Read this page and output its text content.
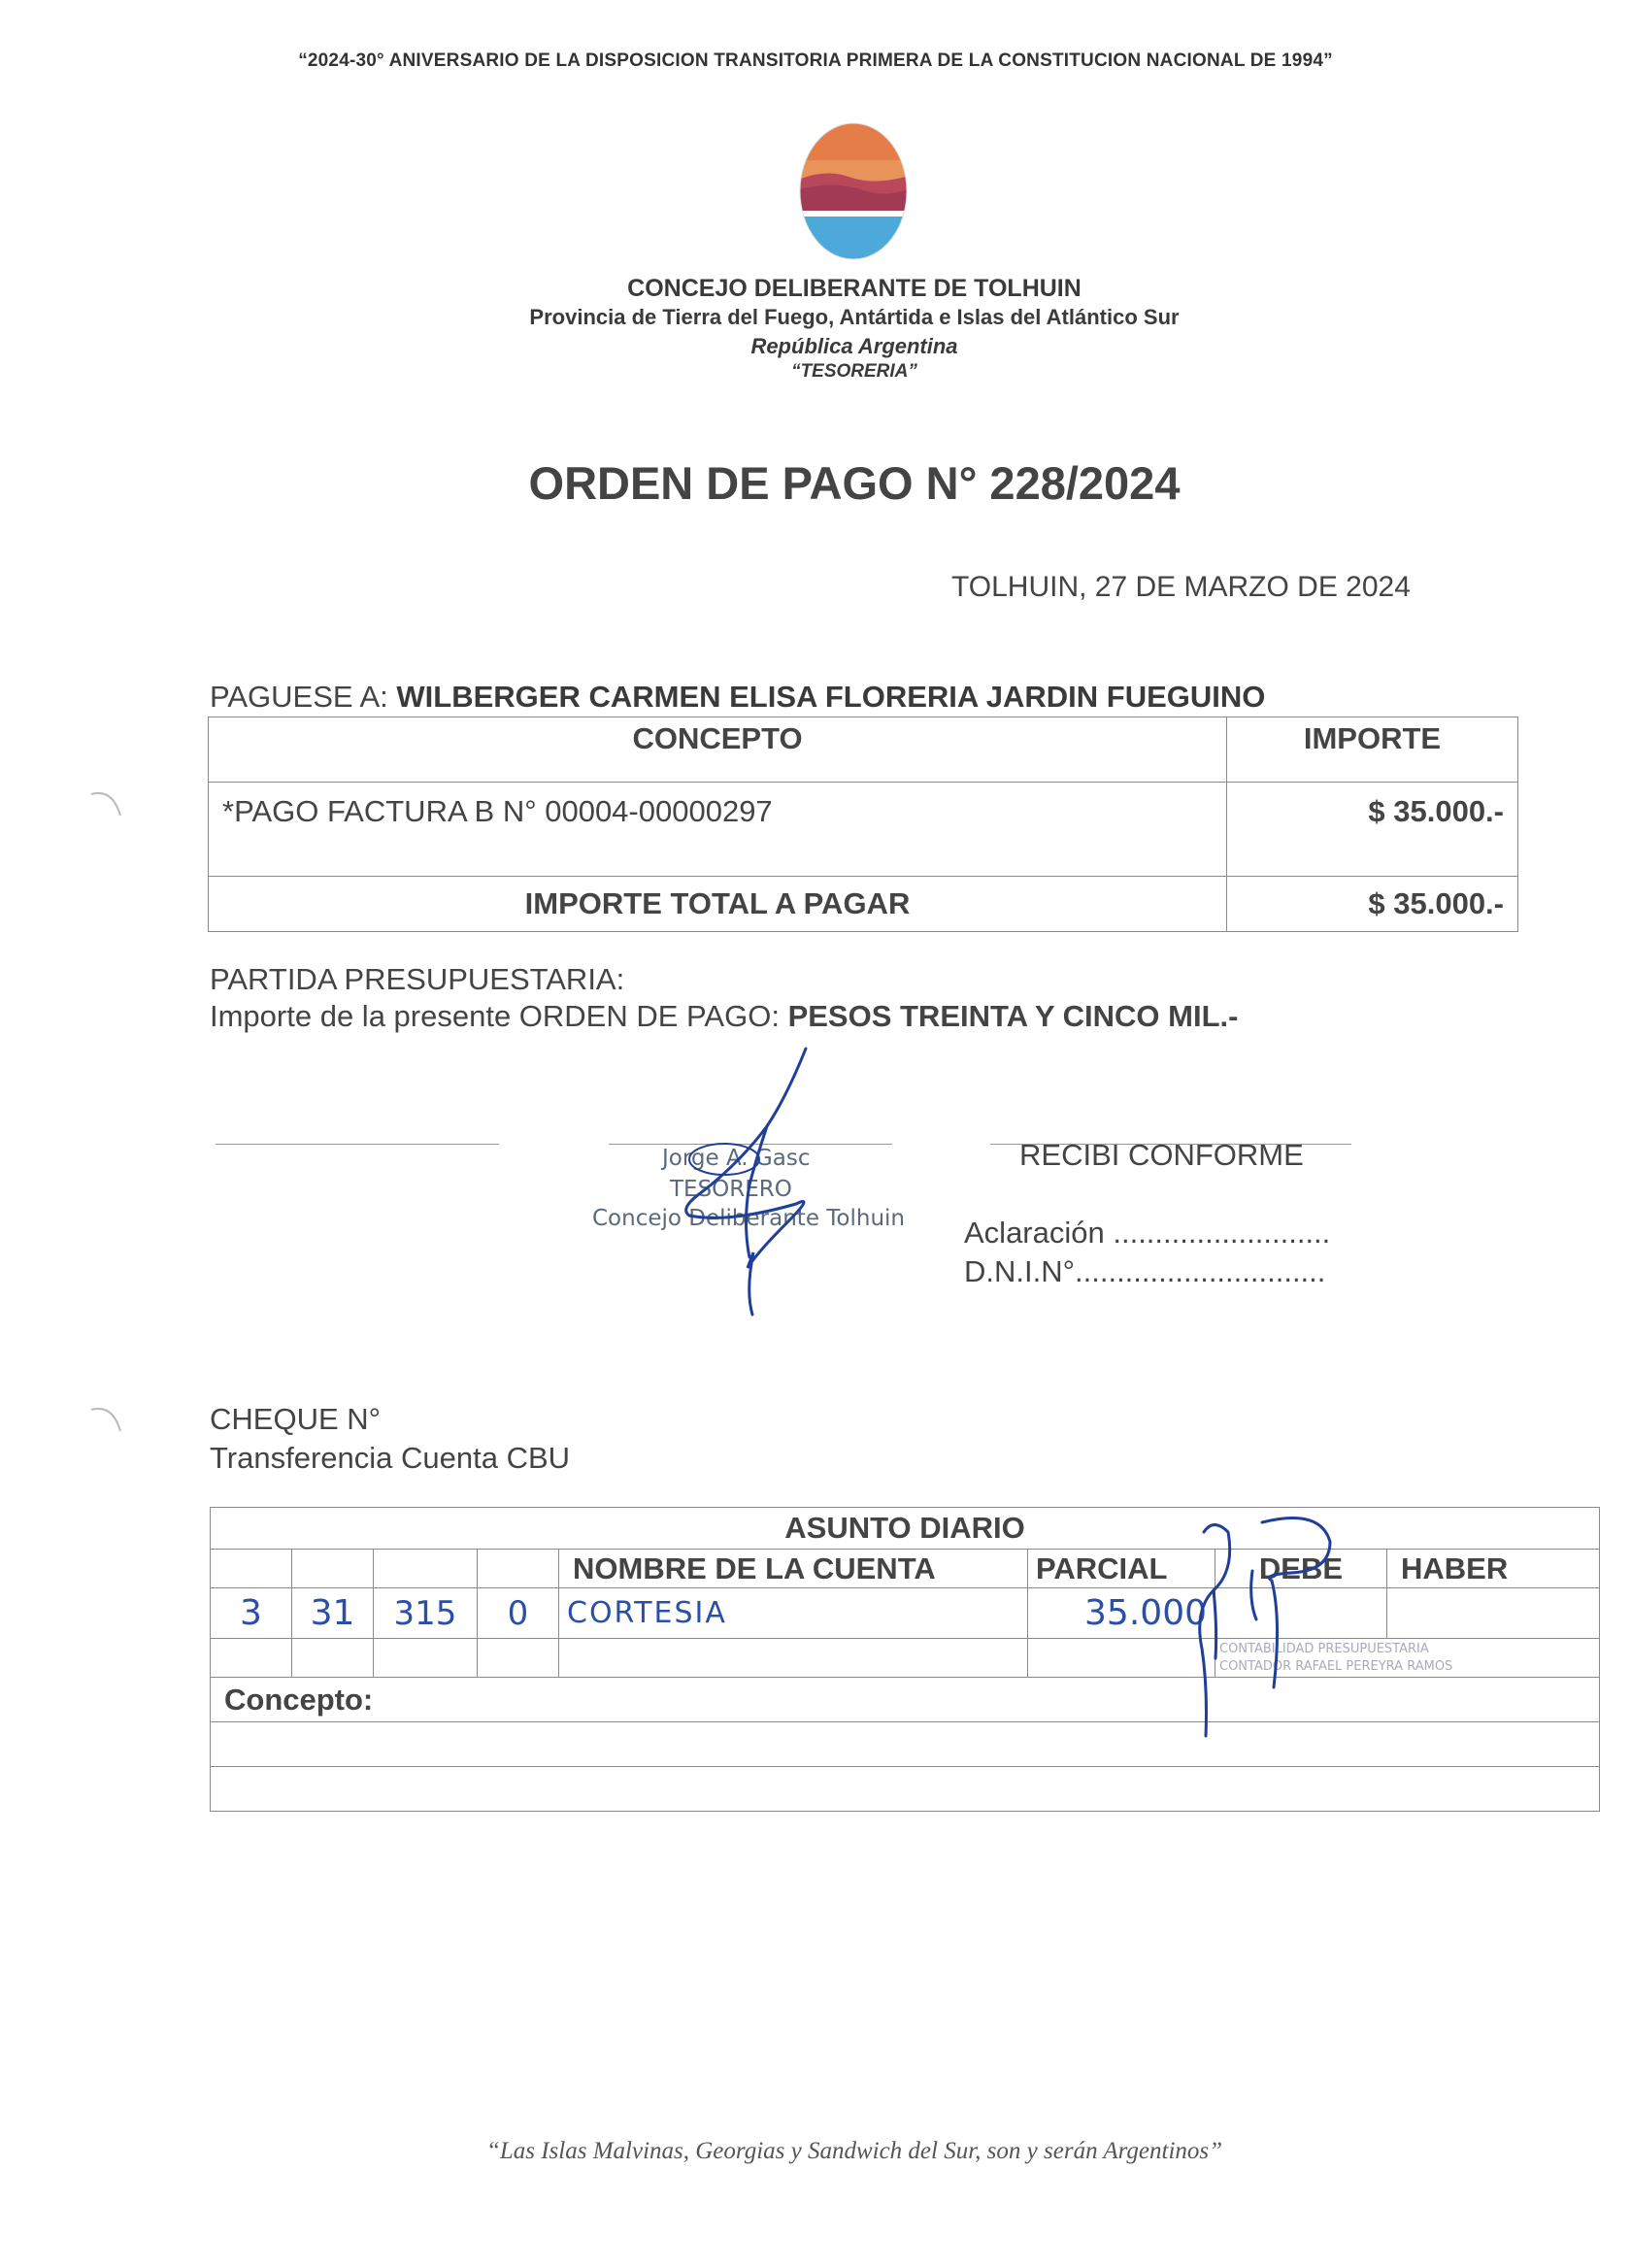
“2024-30° ANIVERSARIO DE LA DISPOSICION TRANSITORIA PRIMERA DE LA CONSTITUCION NACIONAL DE 1994”
CONCEJO DELIBERANTE DE TOLHUIN
Provincia de Tierra del Fuego, Antártida e Islas del Atlántico Sur
República Argentina
“TESORERIA”
ORDEN DE PAGO N° 228/2024
TOLHUIN, 27 DE MARZO DE 2024
PAGUESE A: WILBERGER CARMEN ELISA FLORERIA JARDIN FUEGUINO
CONCEPTO	IMPORTE
*PAGO FACTURA B N° 00004-00000297	$ 35.000.-
IMPORTE TOTAL A PAGAR	$ 35.000.-
PARTIDA PRESUPUESTARIA:
Importe de la presente ORDEN DE PAGO: PESOS TREINTA Y CINCO MIL.-
Jorge A. Gasc
TESORERO
Concejo Deliberante Tolhuin
RECIBI CONFORME
Aclaración ..........................
D.N.I.N°..............................
CHEQUE N°
Transferencia Cuenta CBU
ASUNTO DIARIO							
				NOMBRE DE LA CUENTA	PARCIAL	DEBE	HABER
3	31	315	0	CORTESIA	35.000		

						CONTABILIDAD PRESUPUESTARIA
CONTADOR RAFAEL PEREYRA RAMOS	

Concepto:							

“Las Islas Malvinas, Georgias y Sandwich del Sur, son y serán Argentinos”
